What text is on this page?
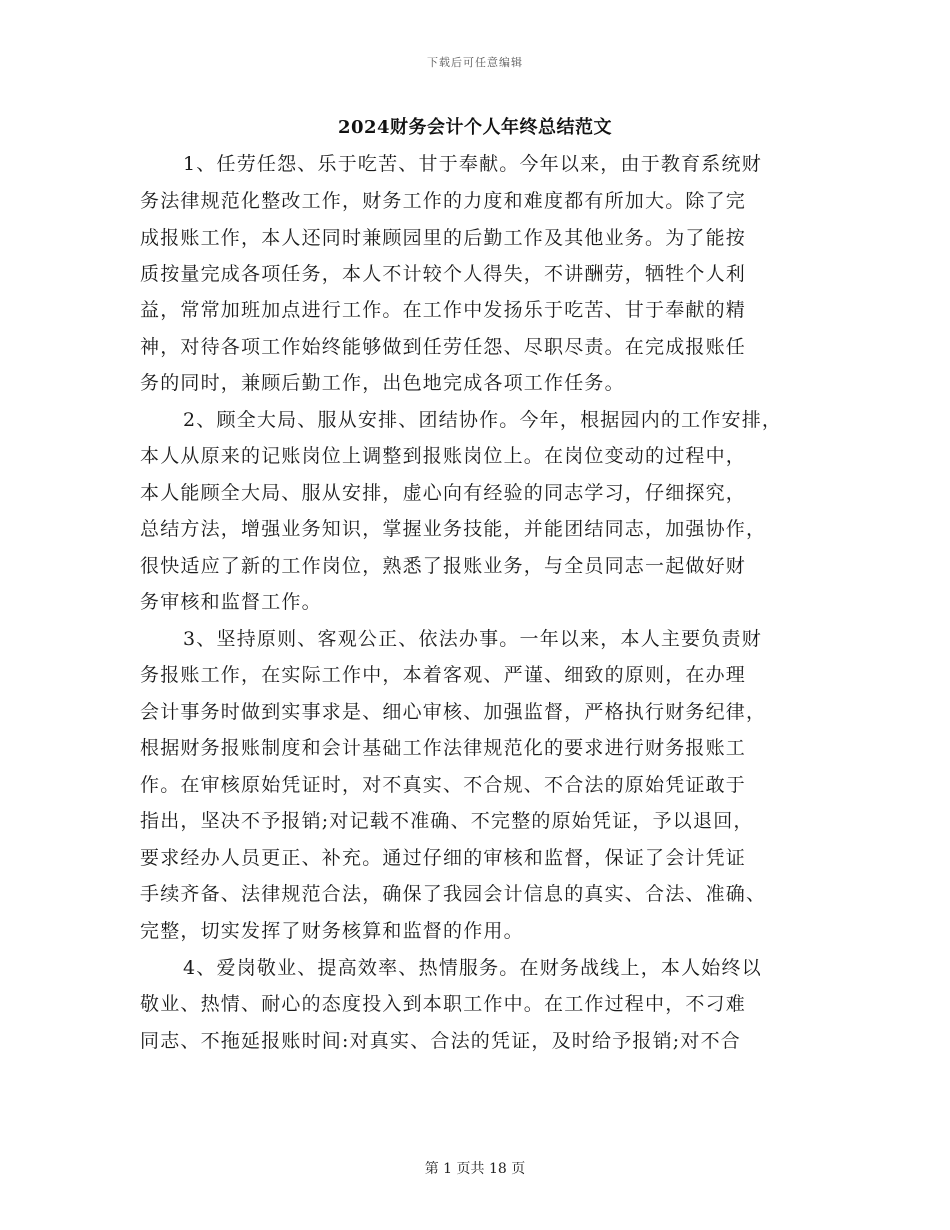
下载后可任意编辑
2024财务会计个人年终总结范文
1、任劳任怨、乐于吃苦、甘于奉献。今年以来，由于教育系统财
务法律规范化整改工作，财务工作的力度和难度都有所加大。除了完
成报账工作，本人还同时兼顾园里的后勤工作及其他业务。为了能按
质按量完成各项任务，本人不计较个人得失，不讲酬劳，牺牲个人利
益，常常加班加点进行工作。在工作中发扬乐于吃苦、甘于奉献的精
神，对待各项工作始终能够做到任劳任怨、尽职尽责。在完成报账任
务的同时，兼顾后勤工作，出色地完成各项工作任务。
2、顾全大局、服从安排、团结协作。今年，根据园内的工作安排，
本人从原来的记账岗位上调整到报账岗位上。在岗位变动的过程中，
本人能顾全大局、服从安排，虚心向有经验的同志学习，仔细探究，
总结方法，增强业务知识，掌握业务技能，并能团结同志，加强协作，
很快适应了新的工作岗位，熟悉了报账业务，与全员同志一起做好财
务审核和监督工作。
3、坚持原则、客观公正、依法办事。一年以来，本人主要负责财
务报账工作，在实际工作中，本着客观、严谨、细致的原则，在办理
会计事务时做到实事求是、细心审核、加强监督，严格执行财务纪律，
根据财务报账制度和会计基础工作法律规范化的要求进行财务报账工
作。在审核原始凭证时，对不真实、不合规、不合法的原始凭证敢于
指出，坚决不予报销;对记载不准确、不完整的原始凭证，予以退回，
要求经办人员更正、补充。通过仔细的审核和监督，保证了会计凭证
手续齐备、法律规范合法，确保了我园会计信息的真实、合法、准确、
完整，切实发挥了财务核算和监督的作用。
4、爱岗敬业、提高效率、热情服务。在财务战线上，本人始终以
敬业、热情、耐心的态度投入到本职工作中。在工作过程中，不刁难
同志、不拖延报账时间:对真实、合法的凭证，及时给予报销;对不合
第 1 页共 18 页
